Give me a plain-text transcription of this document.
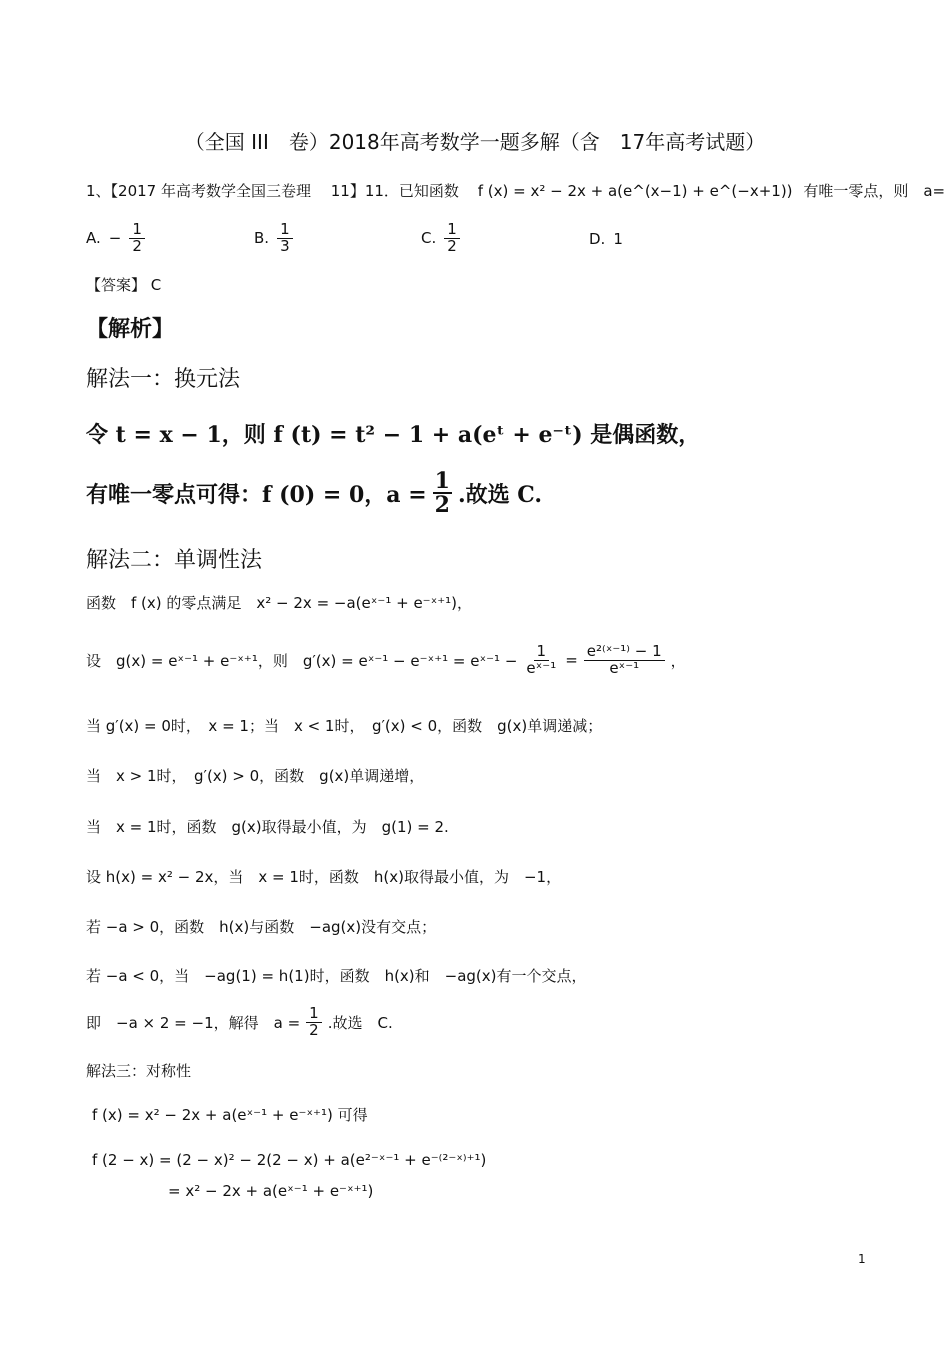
（全国 III　卷）2018年高考数学一题多解（含　17年高考试题）
1、【2017 年高考数学全国三卷理　 11】11．已知函数 f (x) = x² − 2x + a(e^(x−1) + e^(−x+1)) 有唯一零点，则　a=
A. − $\frac{1}{2}$	B. $\frac{1}{3}$	C. $\frac{1}{2}$	D. 1
【答案】 C
【解析】
解法一：换元法
令 t = x − 1，则 f (t) = t² − 1 + a(eᵗ + e⁻ᵗ) 是偶函数，
有唯一零点可得：f (0) = 0，$a = \frac{1}{2}$ .故选 C.
解法二：单调性法
函数　f (x) 的零点满足　x² − 2x = −a(eˣ⁻¹ + e⁻ˣ⁺¹)，
设　g(x) = eˣ⁻¹ + e⁻ˣ⁺¹，则　g′(x) = eˣ⁻¹ − e⁻ˣ⁺¹ = eˣ⁻¹ − $\frac{1}{\text{eˣ⁻¹}} = \frac{\text{e²⁽ˣ⁻¹⁾ − 1}}{\text{eˣ⁻¹}}$ ，
当 g′(x) = 0时，　x = 1；当　x < 1时，　g′(x) < 0，函数　g(x)单调递减；
当　x > 1时，　g′(x) > 0，函数　g(x)单调递增，
当　x = 1时，函数　g(x)取得最小值，为　g(1) = 2.
设 h(x) = x² − 2x，当　x = 1时，函数　h(x)取得最小值，为　−1，
若 −a > 0，函数　h(x)与函数　−ag(x)没有交点；
若 −a < 0，当　−ag(1) = h(1)时，函数　h(x)和　−ag(x)有一个交点，
即　−a × 2 = −1，解得　$a = \frac{1}{2}$ .故选　C.
解法三：对称性
f (x) = x² − 2x + a(eˣ⁻¹ + e⁻ˣ⁺¹) 可得
f (2 − x) = (2 − x)² − 2(2 − x) + a(e²⁻ˣ⁻¹ + e⁻⁽²⁻ˣ⁾⁺¹)
= x² − 2x + a(eˣ⁻¹ + e⁻ˣ⁺¹)
1
